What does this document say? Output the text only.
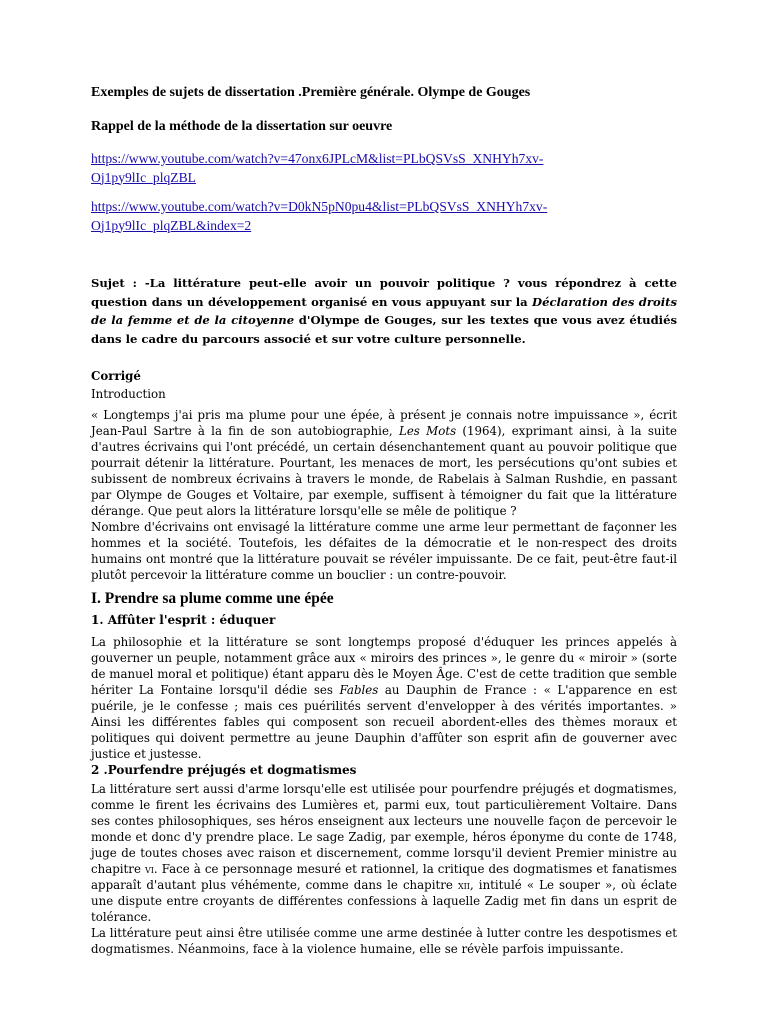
Exemples de sujets de dissertation .Première générale. Olympe de Gouges

Rappel de la méthode de la dissertation sur oeuvre

https://www.youtube.com/watch?v=47onx6JPLcM&list=PLbQSVsS_XNHYh7xv-
Oj1py9lIc_plqZBL
https://www.youtube.com/watch?v=D0kN5pN0pu4&list=PLbQSVsS_XNHYh7xv-
Oj1py9lIc_plqZBL&index=2

Sujet : -La littérature peut-elle avoir un pouvoir politique ? vous répondrez à cette question dans un développement organisé en vous appuyant sur la Déclaration des droits de la femme et de la citoyenne d'Olympe de Gouges, sur les textes que vous avez étudiés dans le cadre du parcours associé et sur votre culture personnelle.

Corrigé

Introduction

« Longtemps j'ai pris ma plume pour une épée, à présent je connais notre impuissance », écrit Jean-Paul Sartre à la fin de son autobiographie, Les Mots (1964), exprimant ainsi, à la suite d'autres écrivains qui l'ont précédé, un certain désenchantement quant au pouvoir politique que pourrait détenir la littérature. Pourtant, les menaces de mort, les persécutions qu'ont subies et subissent de nombreux écrivains à travers le monde, de Rabelais à Salman Rushdie, en passant par Olympe de Gouges et Voltaire, par exemple, suffisent à témoigner du fait que la littérature dérange. Que peut alors la littérature lorsqu'elle se mêle de politique ?

Nombre d'écrivains ont envisagé la littérature comme une arme leur permettant de façonner les hommes et la société. Toutefois, les défaites de la démocratie et le non-respect des droits humains ont montré que la littérature pouvait se révéler impuissante. De ce fait, peut-être faut-il plutôt percevoir la littérature comme un bouclier : un contre-pouvoir.

I. Prendre sa plume comme une épée

1. Affûter l'esprit : éduquer

La philosophie et la littérature se sont longtemps proposé d'éduquer les princes appelés à gouverner un peuple, notamment grâce aux « miroirs des princes », le genre du « miroir » (sorte de manuel moral et politique) étant apparu dès le Moyen Âge. C'est de cette tradition que semble hériter La Fontaine lorsqu'il dédie ses Fables au Dauphin de France : « L'apparence en est puérile, je le confesse ; mais ces puérilités servent d'envelopper à des vérités importantes. » Ainsi les différentes fables qui composent son recueil abordent-elles des thèmes moraux et politiques qui doivent permettre au jeune Dauphin d'affûter son esprit afin de gouverner avec justice et justesse.

2 .Pourfendre préjugés et dogmatismes

La littérature sert aussi d'arme lorsqu'elle est utilisée pour pourfendre préjugés et dogmatismes, comme le firent les écrivains des Lumières et, parmi eux, tout particulièrement Voltaire. Dans ses contes philosophiques, ses héros enseignent aux lecteurs une nouvelle façon de percevoir le monde et donc d'y prendre place. Le sage Zadig, par exemple, héros éponyme du conte de 1748, juge de toutes choses avec raison et discernement, comme lorsqu'il devient Premier ministre au chapitre vi. Face à ce personnage mesuré et rationnel, la critique des dogmatismes et fanatismes apparaît d'autant plus véhémente, comme dans le chapitre xii, intitulé « Le souper », où éclate une dispute entre croyants de différentes confessions à laquelle Zadig met fin dans un esprit de tolérance.

La littérature peut ainsi être utilisée comme une arme destinée à lutter contre les despotismes et dogmatismes. Néanmoins, face à la violence humaine, elle se révèle parfois impuissante.
